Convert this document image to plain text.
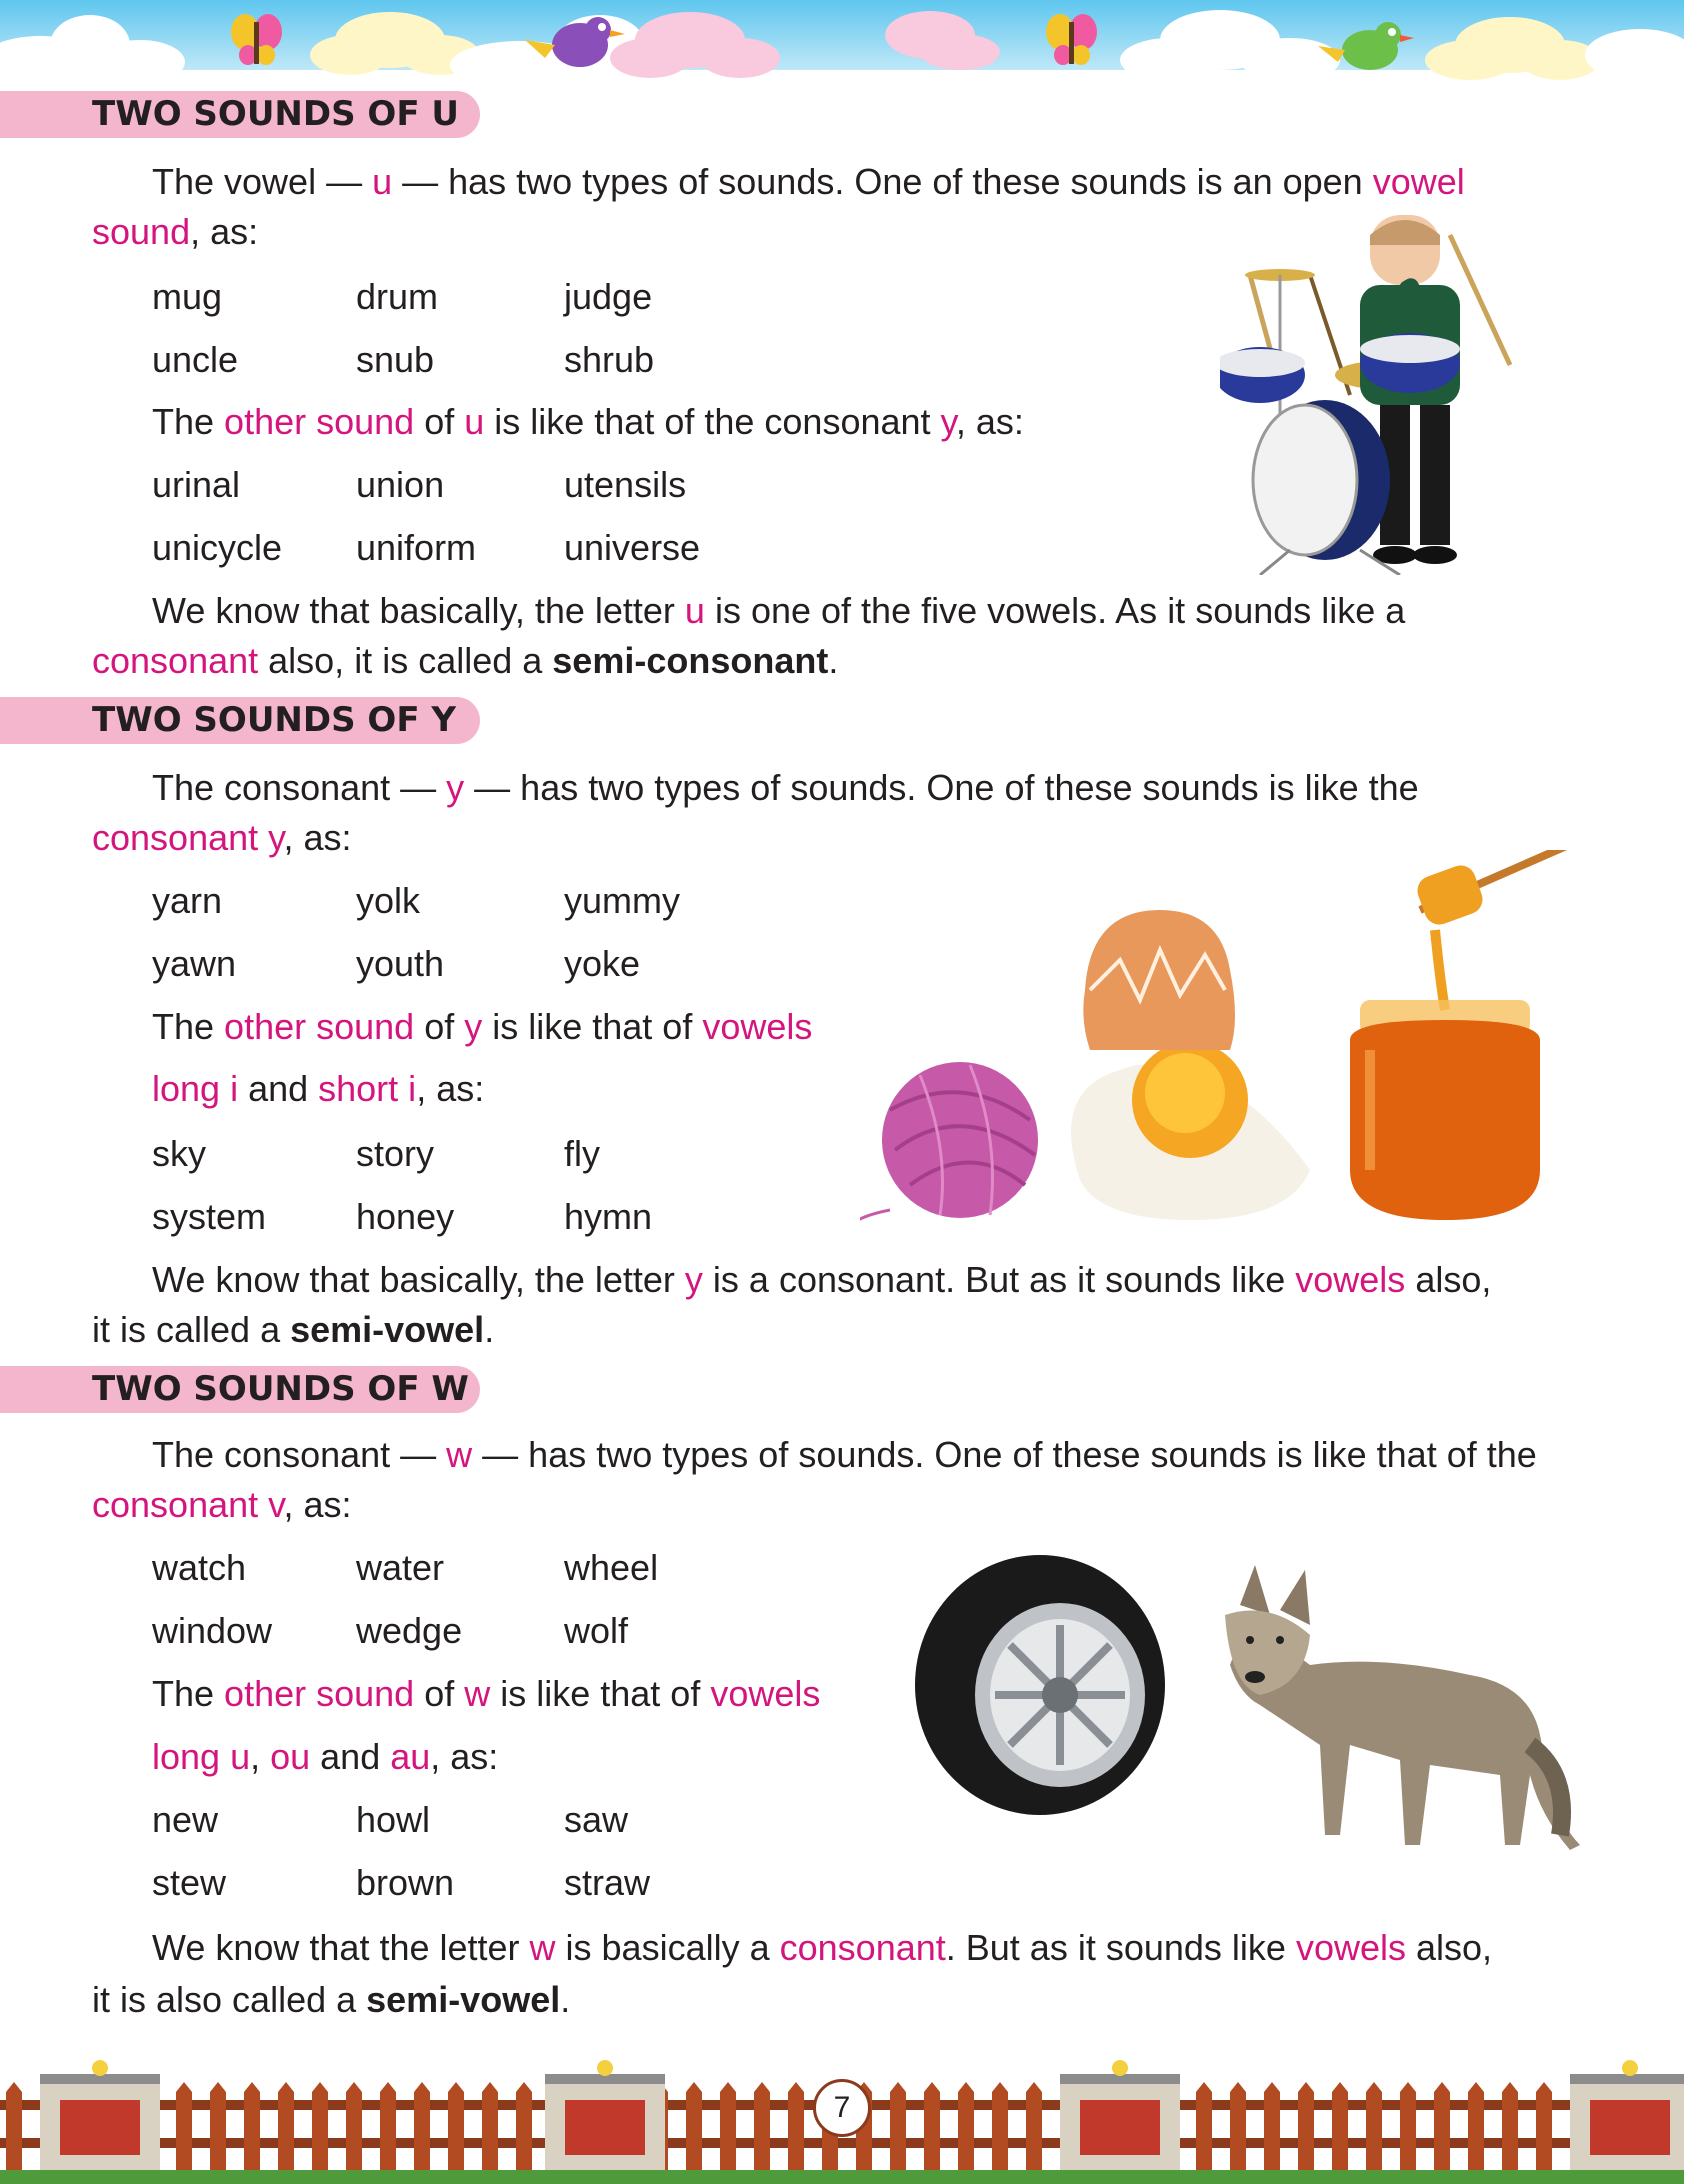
TWO SOUNDS OF U
The vowel — u — has two types of sounds. One of these sounds is an open vowel
sound, as:
mug	drum	judge
uncle	snub	shrub
The other sound of u is like that of the consonant y, as:
urinal	union	utensils
unicycle uniform universe
We know that basically, the letter u is one of the five vowels. As it sounds like a
consonant also, it is called a semi-consonant.
TWO SOUNDS OF Y
The consonant — y — has two types of sounds. One of these sounds is like the
consonant y, as:
yarn	yolk	yummy
yawn	youth	yoke
The other sound of y is like that of vowels
long i and short i, as:
sky	story	fly
system honey	hymn
We know that basically, the letter y is a consonant. But as it sounds like vowels also,
it is called a semi-vowel.
TWO SOUNDS OF W
The consonant — w — has two types of sounds. One of these sounds is like that of the
consonant v, as:
watch	water	wheel
window wedge	wolf
The other sound of w is like that of vowels
long u, ou and au, as:
new	howl	saw
stew	brown	straw
We know that the letter w is basically a consonant. But as it sounds like vowels also,
it is also called a semi-vowel.
7
